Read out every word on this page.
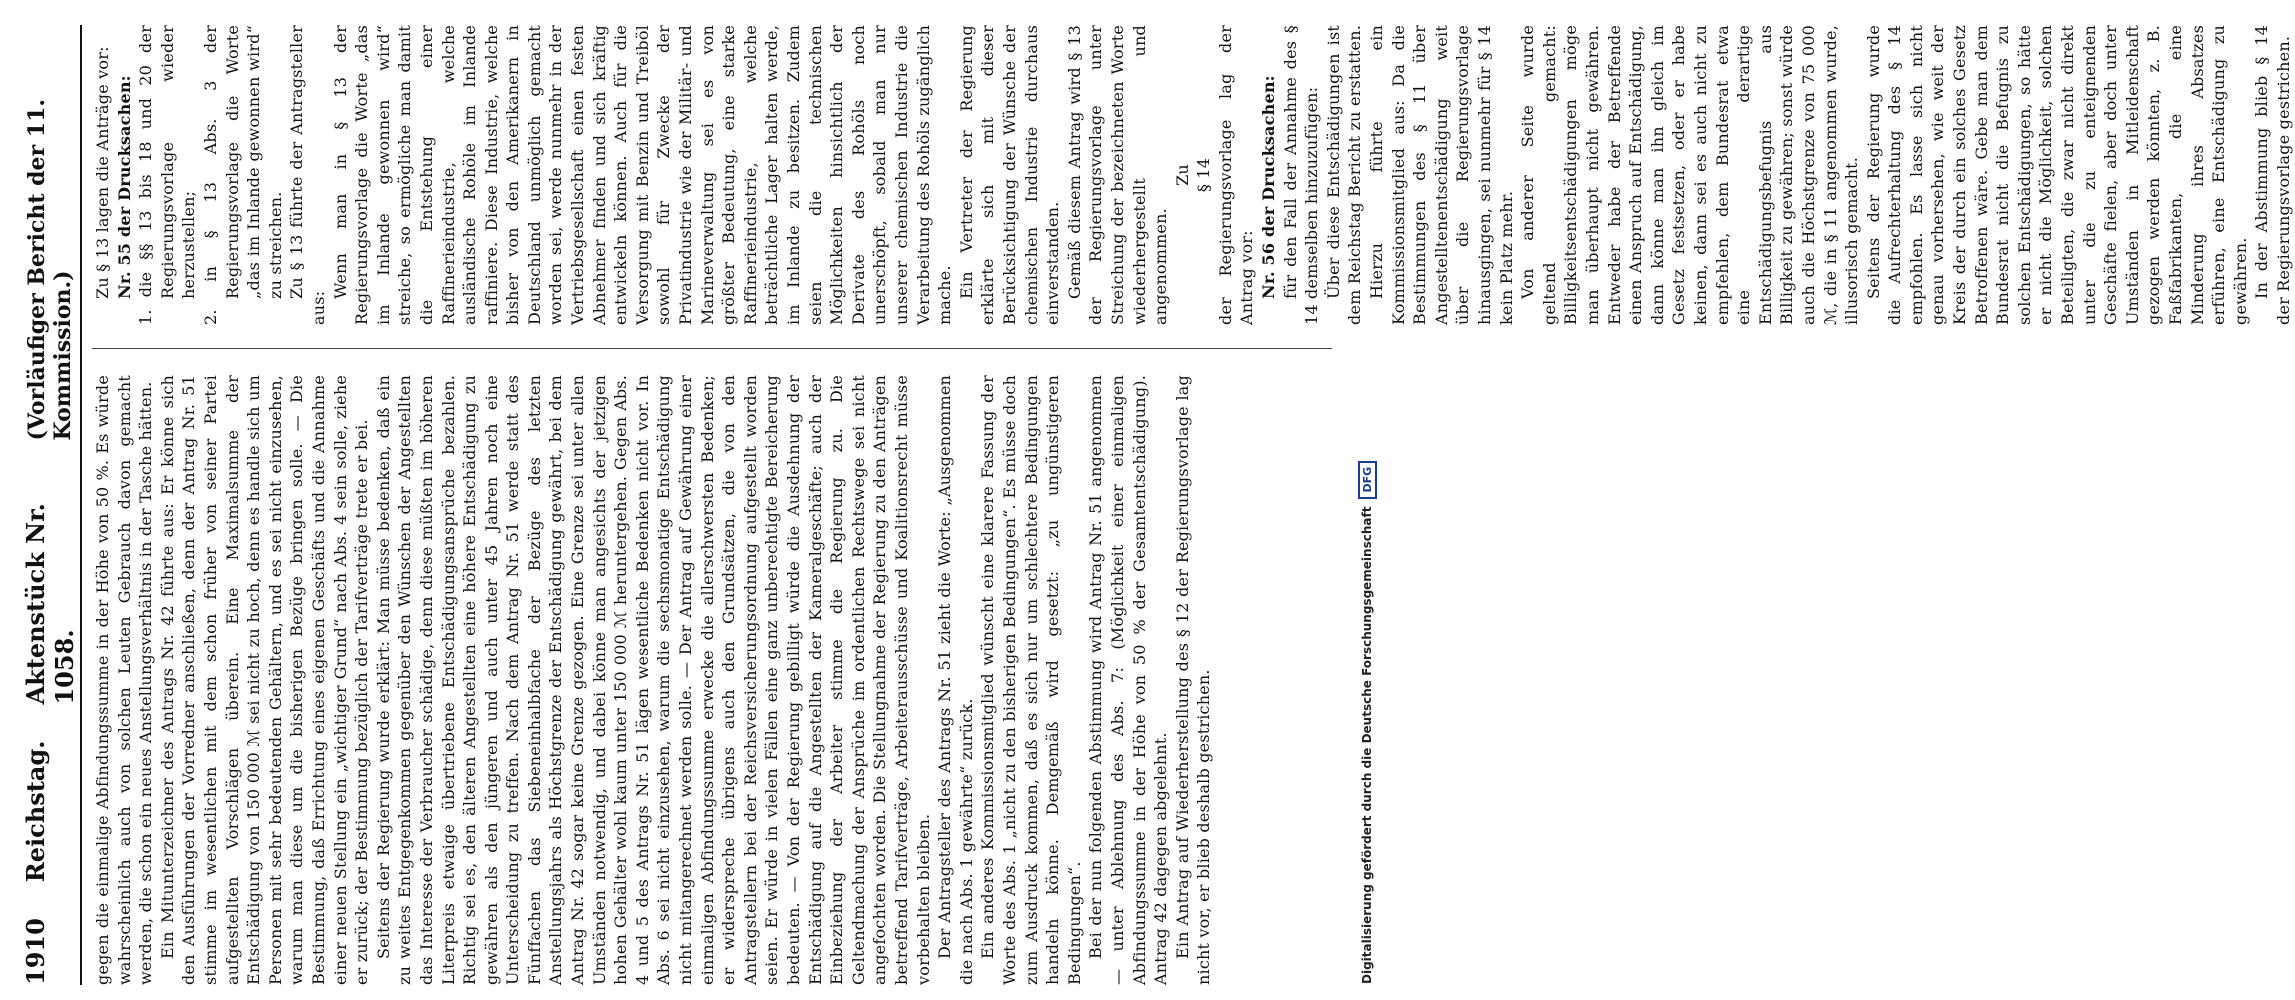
1910
Reichstag.
Aktenstück Nr. 1058.
(Vorläufiger Bericht der 11. Kommission.)

gegen die einmalige Abfindungssumme in der Höhe von 50 %. Es würde wahrscheinlich auch von solchen Leuten Gebrauch davon gemacht werden, die schon ein neues Anstellungsverhältnis in der Tasche hätten. Ein Mitunterzeichner des Antrags Nr. 42 führte aus: Er könne sich den Ausführungen der Vorredner anschließen, denn der Antrag Nr. 51 stimme im wesentlichen mit dem schon früher von seiner Partei aufgestellten Vorschlägen überein. Eine Maximalsumme der Entschädigung von 150 000 ℳ sei nicht zu hoch, denn es handle sich um Personen mit sehr bedeutenden Gehältern, und es sei nicht einzusehen, warum man diese um die bisherigen Bezüge bringen solle. — Die Bestimmung, daß Errichtung eines eigenen Geschäfts und die Annahme einer neuen Stellung ein „wichtiger Grund“ nach Abs. 4 sein solle, ziehe er zurück; der Bestimmung bezüglich der Tarifverträge trete er bei. Seitens der Regierung wurde erklärt: Man müsse bedenken, daß ein zu weites Entgegenkommen gegenüber den Wünschen der Angestellten das Interesse der Verbraucher schädige, denn diese müßten im höheren Literpreis etwaige übertriebene Entschädigungsansprüche bezahlen. Richtig sei es, den älteren Angestellten eine höhere Entschädigung zu gewähren als den jüngeren und auch unter 45 Jahren noch eine Unterscheidung zu treffen. Nach dem Antrag Nr. 51 werde statt des Fünffachen das Siebeneinhalbfache der Bezüge des letzten Anstellungsjahrs als Höchstgrenze der Entschädigung gewährt, bei dem Antrag Nr. 42 sogar keine Grenze gezogen. Eine Grenze sei unter allen Umständen notwendig, und dabei könne man angesichts der jetzigen hohen Gehälter wohl kaum unter 150 000 ℳ heruntergehen. Gegen Abs. 4 und 5 des Antrags Nr. 51 lägen wesentliche Bedenken nicht vor. In Abs. 6 sei nicht einzusehen, warum die sechsmonatige Entschädigung nicht mitangerechnet werden solle. — Der Antrag auf Gewährung einer einmaligen Abfindungssumme erwecke die allerschwersten Bedenken; er widerspreche übrigens auch den Grundsätzen, die von den Antragstellern bei der Reichsversicherungsordnung aufgestellt worden seien. Er würde in vielen Fällen eine ganz unberechtigte Bereicherung bedeuten. — Von der Regierung gebilligt würde die Ausdehnung der Entschädigung auf die Angestellten der Kameralgeschäfte; auch der Einbeziehung der Arbeiter stimme die Regierung zu. Die Geltendmachung der Ansprüche im ordentlichen Rechtswege sei nicht angefochten worden. Die Stellungnahme der Regierung zu den Anträgen betreffend Tarifverträge, Arbeiterausschüsse und Koalitionsrecht müsse vorbehalten bleiben. Der Antragsteller des Antrags Nr. 51 zieht die Worte: „Ausgenommen die nach Abs. 1 gewährte“ zurück. Ein anderes Kommissionsmitglied wünscht eine klarere Fassung der Worte des Abs. 1 „nicht zu den bisherigen Bedingungen“. Es müsse doch zum Ausdruck kommen, daß es sich nur um schlechtere Bedingungen handeln könne. Demgemäß wird gesetzt: „zu ungünstigeren Bedingungen“. Bei der nun folgenden Abstimmung wird Antrag Nr. 51 angenommen — unter Ablehnung des Abs. 7: (Möglichkeit einer einmaligen Abfindungssumme in der Höhe von 50 % der Gesamtentschädigung). Antrag 42 dagegen abgelehnt. Ein Antrag auf Wiederherstellung des § 12 der Regierungsvorlage lag nicht vor, er blieb deshalb gestrichen.

Zu § 13 lagen die Anträge vor: Nr. 55 der Drucksachen: 1. die §§ 13 bis 18 und 20 der Regierungsvorlage wieder herzustellen; 2. in § 13 Abs. 3 der Regierungsvorlage die Worte „das im Inlande gewonnen wird“ zu streichen. Zu § 13 führte der Antragsteller aus:

Wenn man in § 13 der Regierungsvorlage die Worte „das im Inlande gewonnen wird“ streiche, so ermögliche man damit die Entstehung einer Raffinerieindustrie, welche ausländische Rohöle im Inlande raffiniere. Diese Industrie, welche bisher von den Amerikanern in Deutschland unmöglich gemacht worden sei, werde nunmehr in der Vertriebsgesellschaft einen festen Abnehmer finden und sich kräftig entwickeln können. Auch für die Versorgung mit Benzin und Treiböl sowohl für Zwecke der Privatindustrie wie der Militär- und Marineverwaltung sei es von größter Bedeutung, eine starke Raffinerieindustrie, welche beträchtliche Lager halten werde, im Inlande zu besitzen. Zudem seien die technischen Möglichkeiten hinsichtlich der Derivate des Rohöls noch unerschöpft, sobald man nur unserer chemischen Industrie die Verarbeitung des Rohöls zugänglich mache. Ein Vertreter der Regierung erklärte sich mit dieser Berücksichtigung der Wünsche der chemischen Industrie durchaus einverstanden. Gemäß diesem Antrag wird § 13 der Regierungsvorlage unter Streichung der bezeichneten Worte wiederhergestellt und angenommen.

Zu § 14 der Regierungsvorlage lag der Antrag vor: Nr. 56 der Drucksachen: für den Fall der Annahme des § 14 demselben hinzuzufügen: Über diese Entschädigungen ist dem Reichstag Bericht zu erstatten. Hierzu führte ein Kommissionsmitglied aus: Da die Bestimmungen des § 11 über Angestelltenentschädigung weit über die Regierungsvorlage hinausgingen, sei nunmehr für § 14 kein Platz mehr. Von anderer Seite wurde geltend gemacht: Billigkeitsentschädigungen möge man überhaupt nicht gewähren. Entweder habe der Betreffende einen Anspruch auf Entschädigung, dann könne man ihn gleich im Gesetz festsetzen, oder er habe keinen, dann sei es auch nicht zu empfehlen, dem Bundesrat etwa eine derartige Entschädigungsbefugnis aus Billigkeit zu gewähren; sonst würde auch die Höchstgrenze von 75 000 ℳ, die in § 11 angenommen wurde, illusorisch gemacht. Seitens der Regierung wurde die Aufrechterhaltung des § 14 empfohlen. Es lasse sich nicht genau vorhersehen, wie weit der Kreis der durch ein solches Gesetz Betroffenen wäre. Gebe man dem Bundesrat nicht die Befugnis zu solchen Entschädigungen, so hätte er nicht die Möglichkeit, solchen Beteiligten, die zwar nicht direkt unter die zu enteignenden Geschäfte fielen, aber doch unter Umständen in Mitleidenschaft gezogen werden könnten, z. B. Faßfabrikanten, die eine Minderung ihres Absatzes erführen, eine Entschädigung zu gewähren. In der Abstimmung blieb § 14 der Regierungsvorlage gestrichen.

Digitalisierung gefördert durch die Deutsche Forschungsgemeinschaft
DFG
